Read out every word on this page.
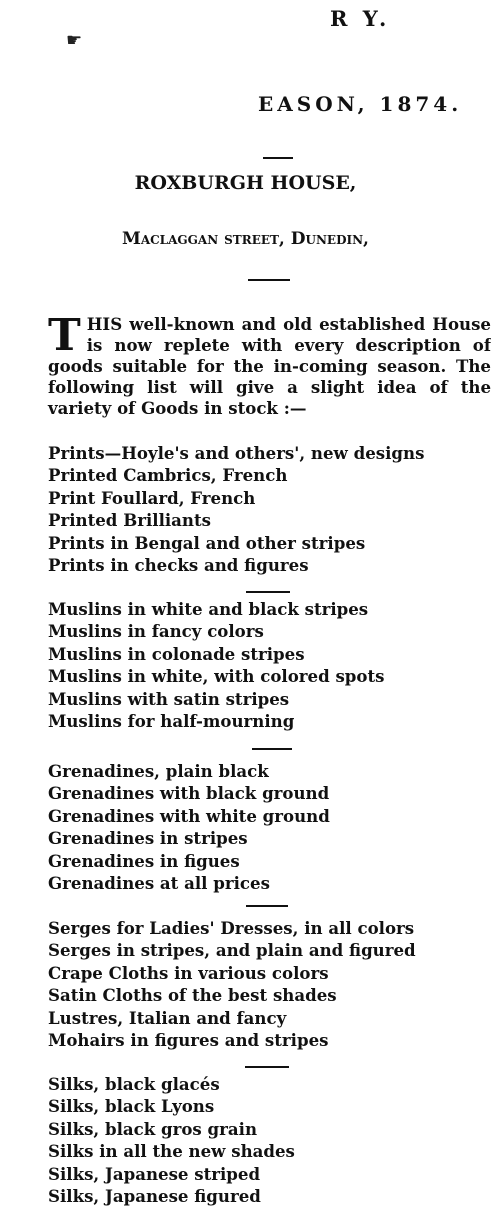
☛
R Y.
EASON, 1874.
ROXBURGH HOUSE,
Maclaggan street, Dunedin,
T HIS well-known and old established House is now replete with every description of goods suitable for the in-coming season. The following list will give a slight idea of the variety of Goods in stock :—

Prints—Hoyle's and others', new designs
Printed Cambrics, French
Print Foullard, French
Printed Brilliants
Prints in Bengal and other stripes
Prints in checks and figures
Muslins in white and black stripes
Muslins in fancy colors
Muslins in colonade stripes
Muslins in white, with colored spots
Muslins with satin stripes
Muslins for half-mourning
Grenadines, plain black
Grenadines with black ground
Grenadines with white ground
Grenadines in stripes
Grenadines in figues
Grenadines at all prices
Serges for Ladies' Dresses, in all colors
Serges in stripes, and plain and figured
Crape Cloths in various colors
Satin Cloths of the best shades
Lustres, Italian and fancy
Mohairs in figures and stripes
Silks, black glacés
Silks, black Lyons
Silks, black gros grain
Silks in all the new shades
Silks, Japanese striped
Silks, Japanese figured
